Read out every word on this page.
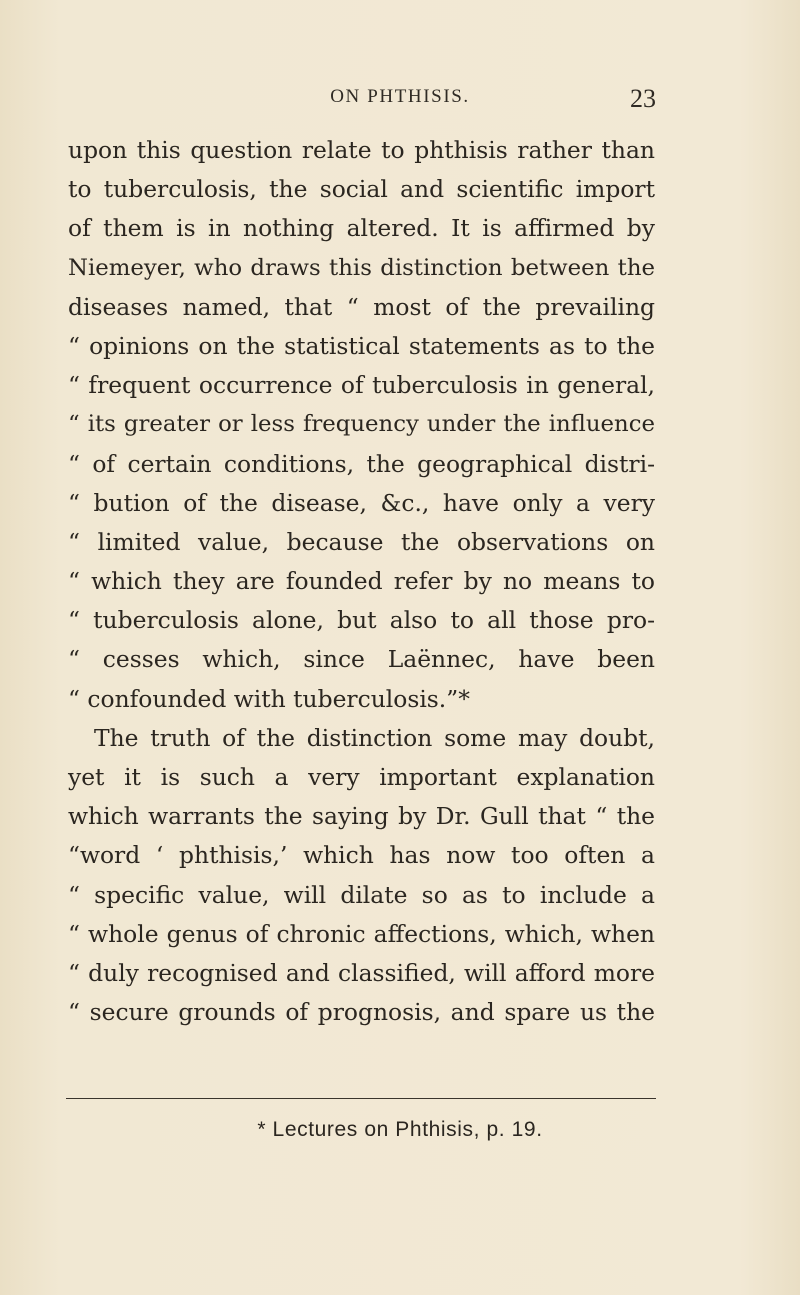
ON PHTHISIS.	23
upon this question relate to phthisis rather than
to tuberculosis, the social and scientific import
of them is in nothing altered. It is affirmed by
Niemeyer, who draws this distinction between the
diseases named, that “ most of the prevailing
“ opinions on the statistical statements as to the
“ frequent occurrence of tuberculosis in general,
“ its greater or less frequency under the influence
“ of certain conditions, the geographical distri-
“ bution of the disease, &c., have only a very
“ limited value, because the observations on
“ which they are founded refer by no means to
“ tuberculosis alone, but also to all those pro-
“ cesses which, since Laënnec, have been
“ confounded with tuberculosis.”*
The truth of the distinction some may doubt,
yet it is such a very important explanation
which warrants the saying by Dr. Gull that “ the
“word ‘ phthisis,’ which has now too often a
“ specific value, will dilate so as to include a
“ whole genus of chronic affections, which, when
“ duly recognised and classified, will afford more
“ secure grounds of prognosis, and spare us the
* Lectures on Phthisis, p. 19.
